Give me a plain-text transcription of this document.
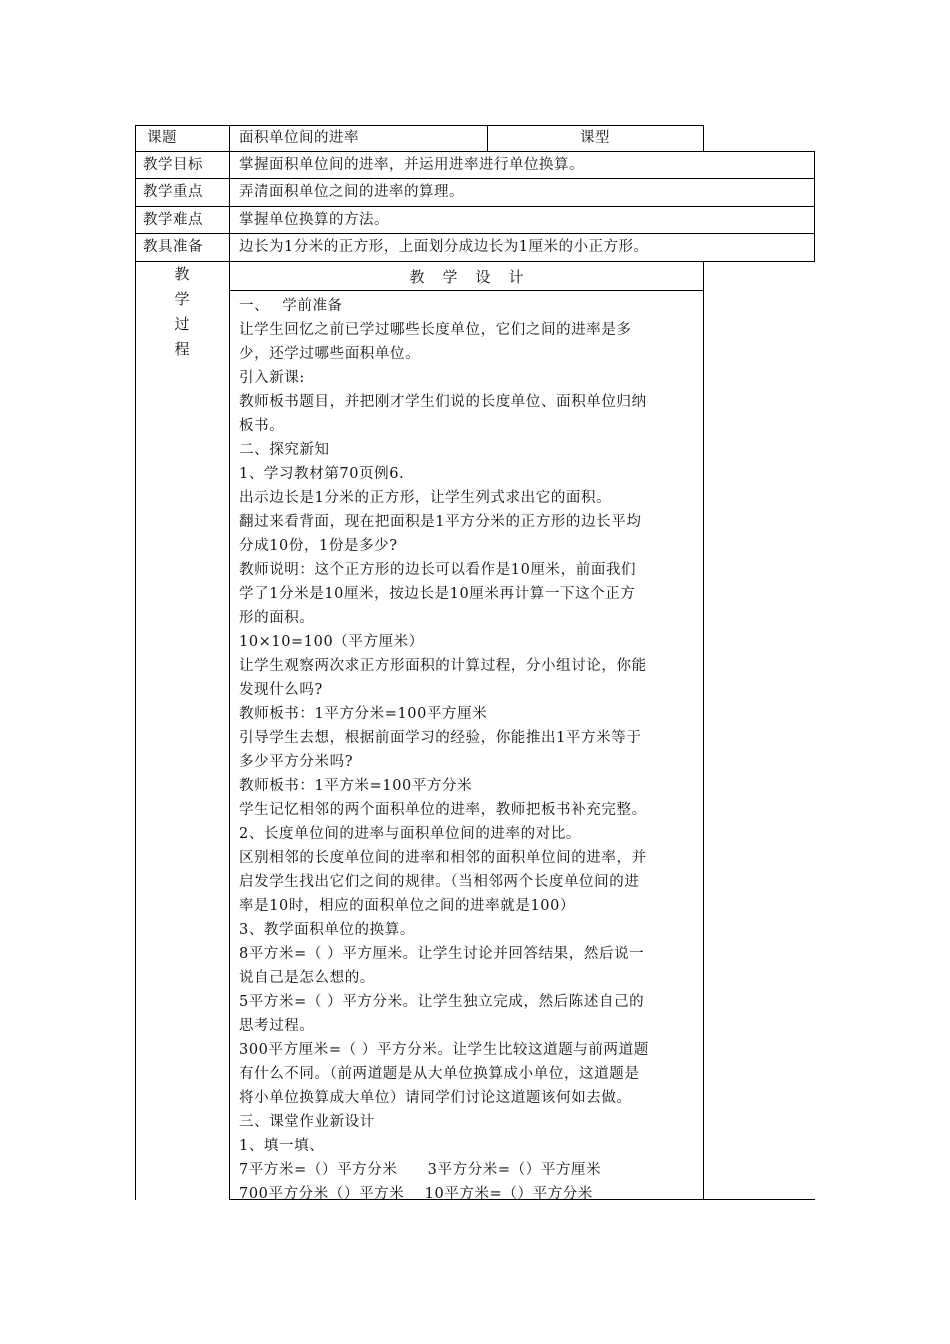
课题	面积单位间的进率	课型
教学目标 掌握面积单位间的进率，并运用进率进行单位换算。
教学重点 弄清面积单位之间的进率的算理。
教学难点 掌握单位换算的方法。
教具准备 边长为1分米的正方形，上面划分成边长为1厘米的小正方形。
教
学
过
程
教学设计
一、　 学前准备
让学生回忆之前已学过哪些长度单位，它们之间的进率是多
少，还学过哪些面积单位。
引入新课:
教师板书题目，并把刚才学生们说的长度单位、面积单位归纳
板书。
二、探究新知
1、学习教材第70页例6.
出示边长是1分米的正方形，让学生列式求出它的面积。
翻过来看背面，现在把面积是1平方分米的正方形的边长平均
分成10份，1份是多少?
教师说明：这个正方形的边长可以看作是10厘米，前面我们
学了1分米是10厘米，按边长是10厘米再计算一下这个正方
形的面积。
10×10=100（平方厘米）
让学生观察两次求正方形面积的计算过程，分小组讨论，你能
发现什么吗?
教师板书：1平方分米=100平方厘米
引导学生去想，根据前面学习的经验，你能推出1平方米等于
多少平方分米吗?
教师板书：1平方米=100平方分米
学生记忆相邻的两个面积单位的进率，教师把板书补充完整。
2、长度单位间的进率与面积单位间的进率的对比。
区别相邻的长度单位间的进率和相邻的面积单位间的进率，并
启发学生找出它们之间的规律。（当相邻两个长度单位间的进
率是10时，相应的面积单位之间的进率就是100）
3、教学面积单位的换算。
8平方米=（ ）平方厘米。让学生讨论并回答结果，然后说一
说自己是怎么想的。
5平方米=（ ）平方分米。让学生独立完成，然后陈述自己的
思考过程。
300平方厘米=（ ）平方分米。让学生比较这道题与前两道题
有什么不同。（前两道题是从大单位换算成小单位，这道题是
将小单位换算成大单位）请同学们讨论这道题该何如去做。
三、课堂作业新设计
1、填一填、
7平方米=（）平方分米　　3平方分米=（）平方厘米
700平方分米（）平方米　 10平方米=（）平方分米
